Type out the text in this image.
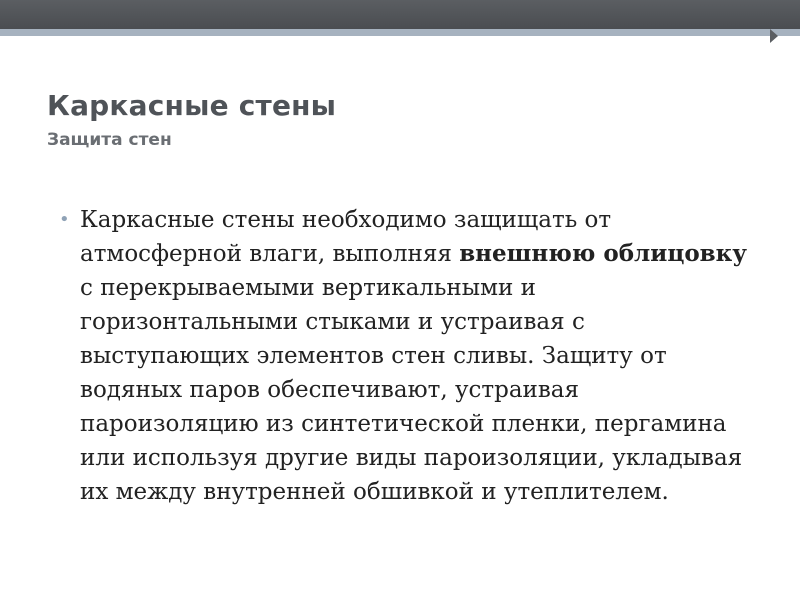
Каркасные стены
Защита стен
• Каркасные стены необходимо защищать от атмосферной влаги, выполняя внешнюю облицовку с перекрываемыми вертикальными и горизонтальными стыками и устраивая с выступающих элементов стен сливы. Защиту от водяных паров обеспечивают, устраивая пароизоляцию из синтетической пленки, пергамина или используя другие виды пароизоляции, укладывая их между внутренней обшивкой и утеплителем.
